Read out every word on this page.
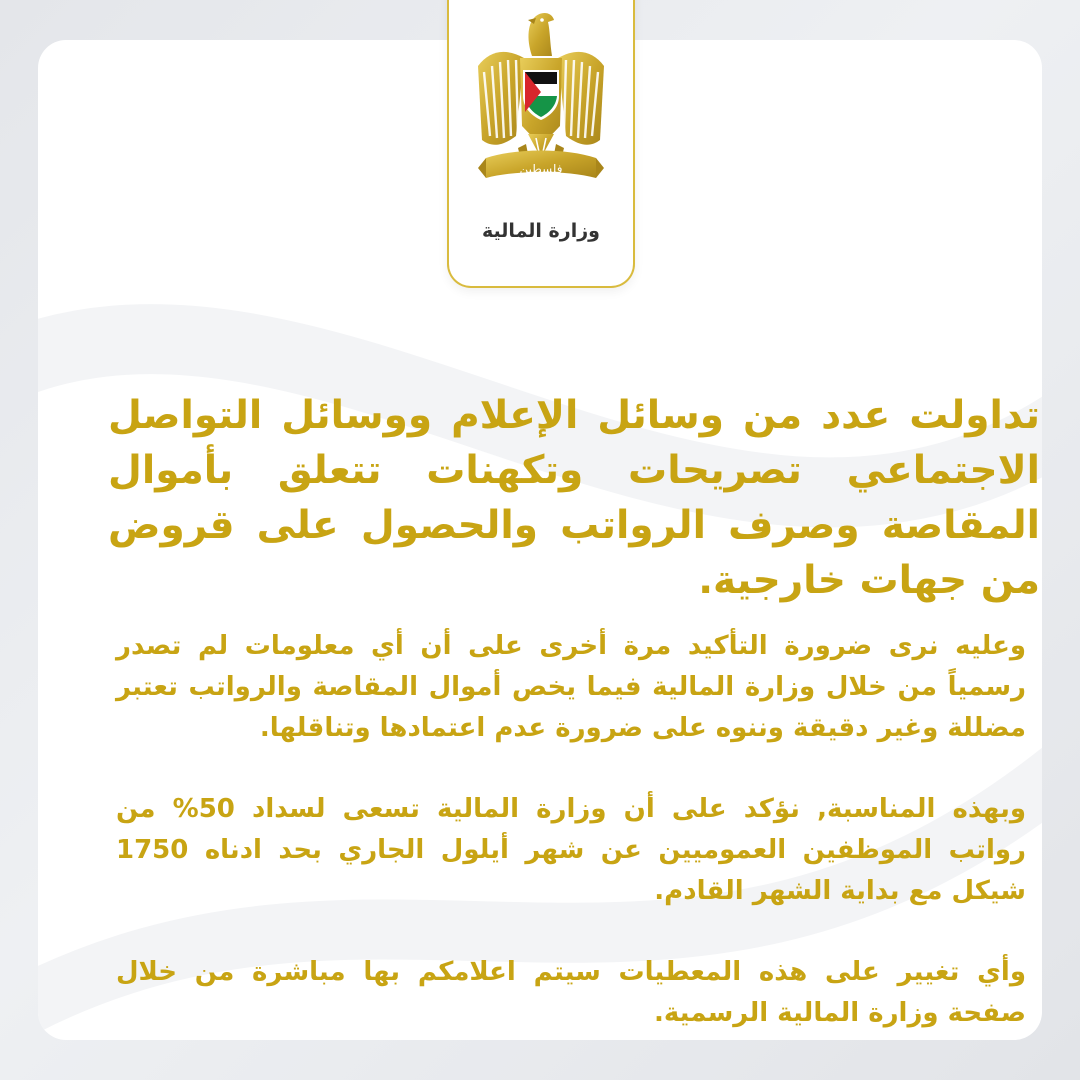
تداولت عدد من وسائل الإعلام ووسائل التواصل الاجتماعي تصريحات وتكهنات تتعلق بأموال المقاصة وصرف الرواتب والحصول على قروض من جهات خارجية.
وعليه نرى ضرورة التأكيد مرة أخرى على أن أي معلومات لم تصدر رسمياً من خلال وزارة المالية فيما يخص أموال المقاصة والرواتب تعتبر مضللة وغير دقيقة وننوه على ضرورة عدم اعتمادها وتناقلها.
وبهذه المناسبة, نؤكد على أن وزارة المالية تسعى لسداد 50% من رواتب الموظفين العموميين عن شهر أيلول الجاري بحد ادناه 1750 شيكل مع بداية الشهر القادم.
وأي تغيير على هذه المعطيات سيتم اعلامكم بها مباشرة من خلال صفحة وزارة المالية الرسمية.
فلسطين
وزارة المالية
